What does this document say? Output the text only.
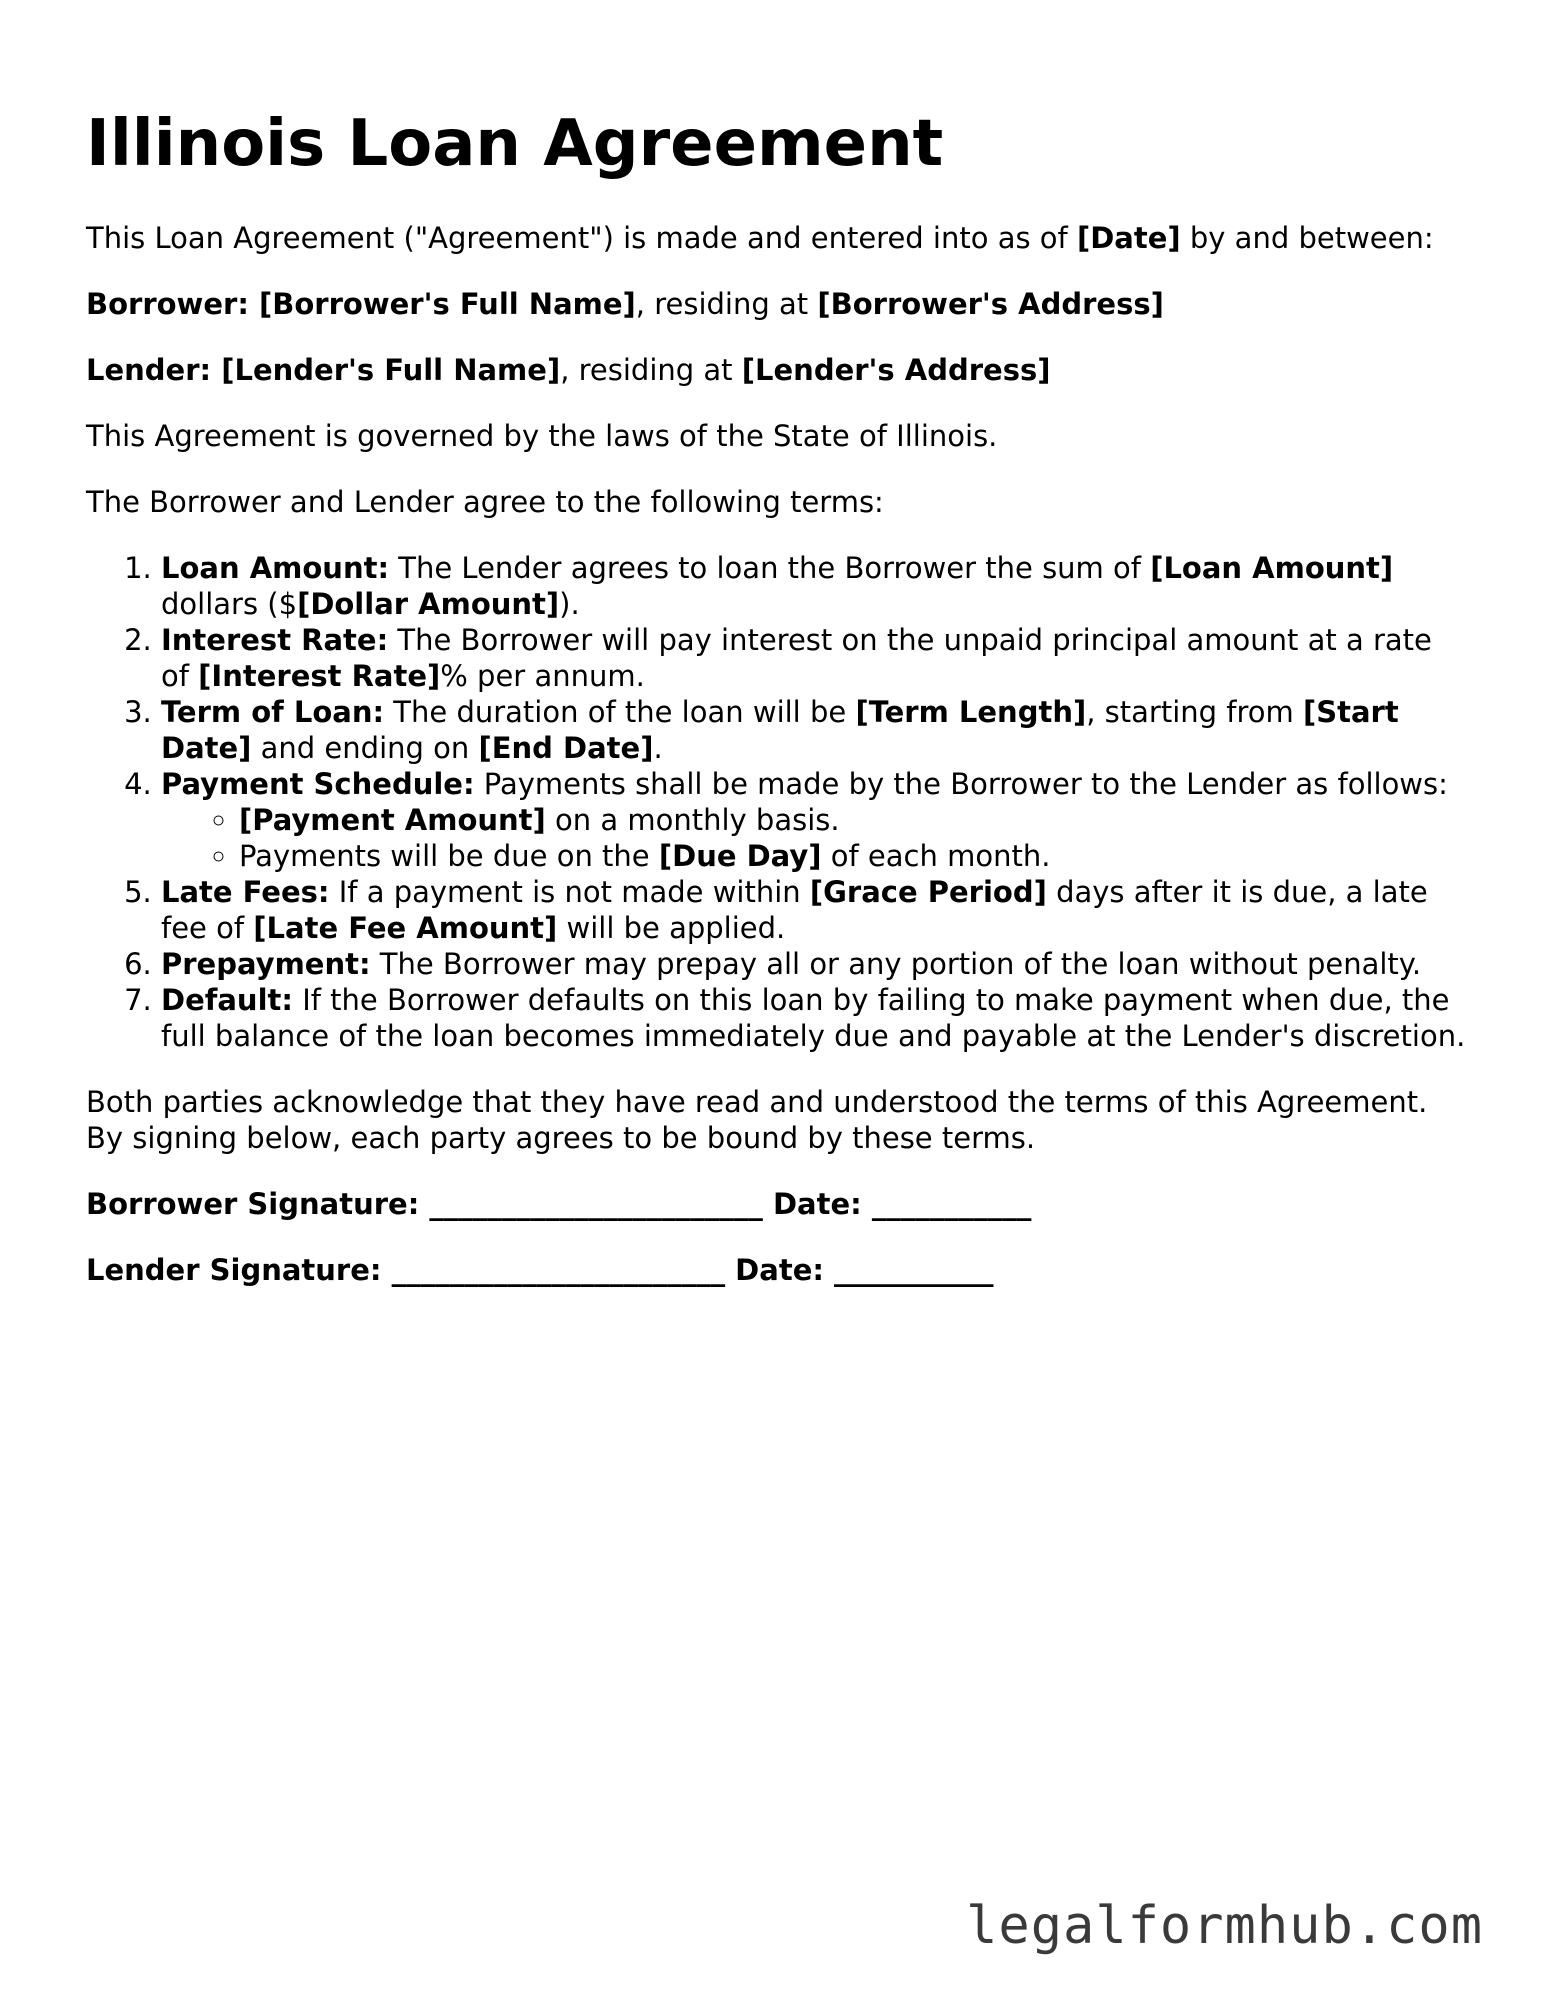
Illinois Loan Agreement

This Loan Agreement ("Agreement") is made and entered into as of [Date] by and between:

Borrower: [Borrower's Full Name], residing at [Borrower's Address]

Lender: [Lender's Full Name], residing at [Lender's Address]

This Agreement is governed by the laws of the State of Illinois.

The Borrower and Lender agree to the following terms:

1. Loan Amount: The Lender agrees to loan the Borrower the sum of [Loan Amount] dollars ($[Dollar Amount]).
2. Interest Rate: The Borrower will pay interest on the unpaid principal amount at a rate of [Interest Rate]% per annum.
3. Term of Loan: The duration of the loan will be [Term Length], starting from [Start Date] and ending on [End Date].
4. Payment Schedule: Payments shall be made by the Borrower to the Lender as follows:
◦ [Payment Amount] on a monthly basis.
◦ Payments will be due on the [Due Day] of each month.
5. Late Fees: If a payment is not made within [Grace Period] days after it is due, a late fee of [Late Fee Amount] will be applied.
6. Prepayment: The Borrower may prepay all or any portion of the loan without penalty.
7. Default: If the Borrower defaults on this loan by failing to make payment when due, the full balance of the loan becomes immediately due and payable at the Lender's discretion.

Both parties acknowledge that they have read and understood the terms of this Agreement. By signing below, each party agrees to be bound by these terms.

Borrower Signature: _______________________ Date: ___________

Lender Signature: _______________________ Date: ___________

legalformhub.com
